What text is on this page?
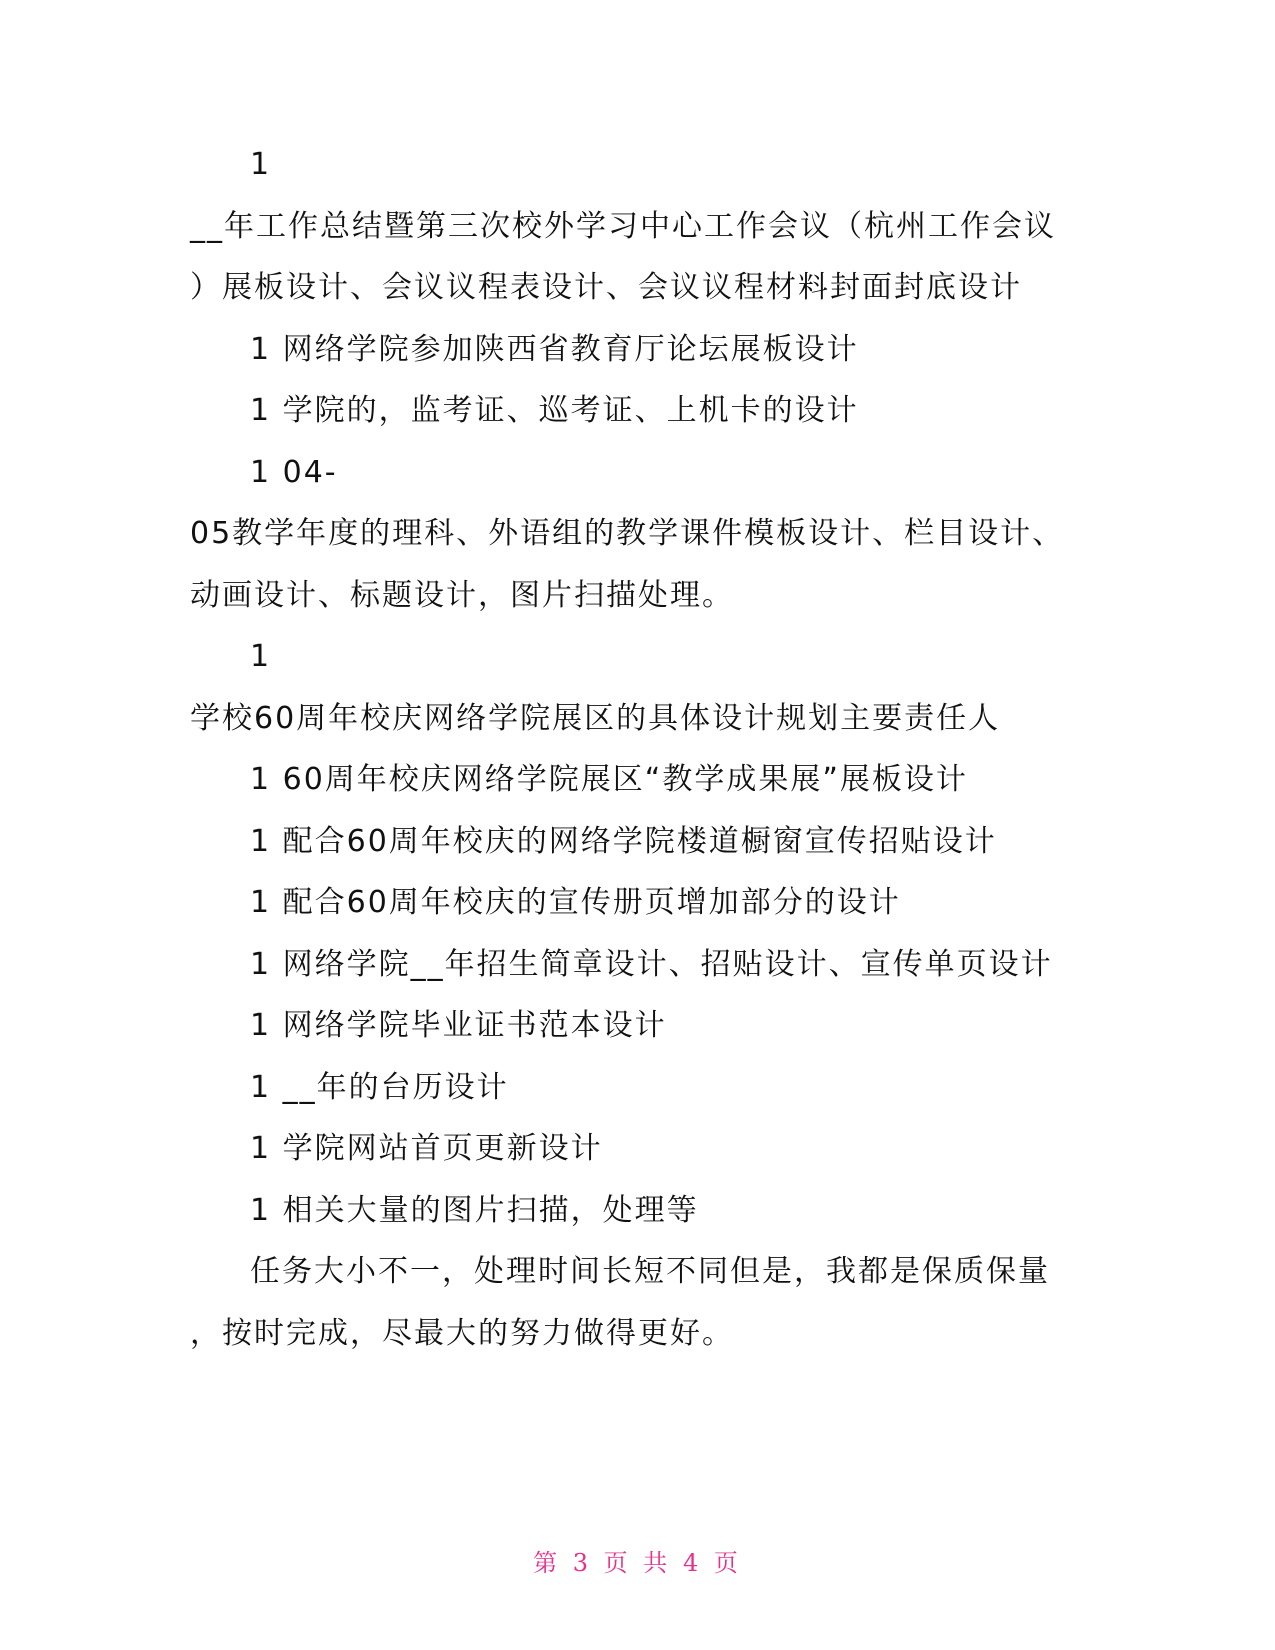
1
__年工作总结暨第三次校外学习中心工作会议（杭州工作会议
）展板设计、会议议程表设计、会议议程材料封面封底设计
1 网络学院参加陕西省教育厅论坛展板设计
1 学院的，监考证、巡考证、上机卡的设计
1 04-
05教学年度的理科、外语组的教学课件模板设计、栏目设计、
动画设计、标题设计，图片扫描处理。
1
学校60周年校庆网络学院展区的具体设计规划主要责任人
1 60周年校庆网络学院展区“教学成果展”展板设计
1 配合60周年校庆的网络学院楼道橱窗宣传招贴设计
1 配合60周年校庆的宣传册页增加部分的设计
1 网络学院__年招生简章设计、招贴设计、宣传单页设计
1 网络学院毕业证书范本设计
1 __年的台历设计
1 学院网站首页更新设计
1 相关大量的图片扫描，处理等
任务大小不一，处理时间长短不同但是，我都是保质保量
，按时完成，尽最大的努力做得更好。
第 3 页 共 4 页
